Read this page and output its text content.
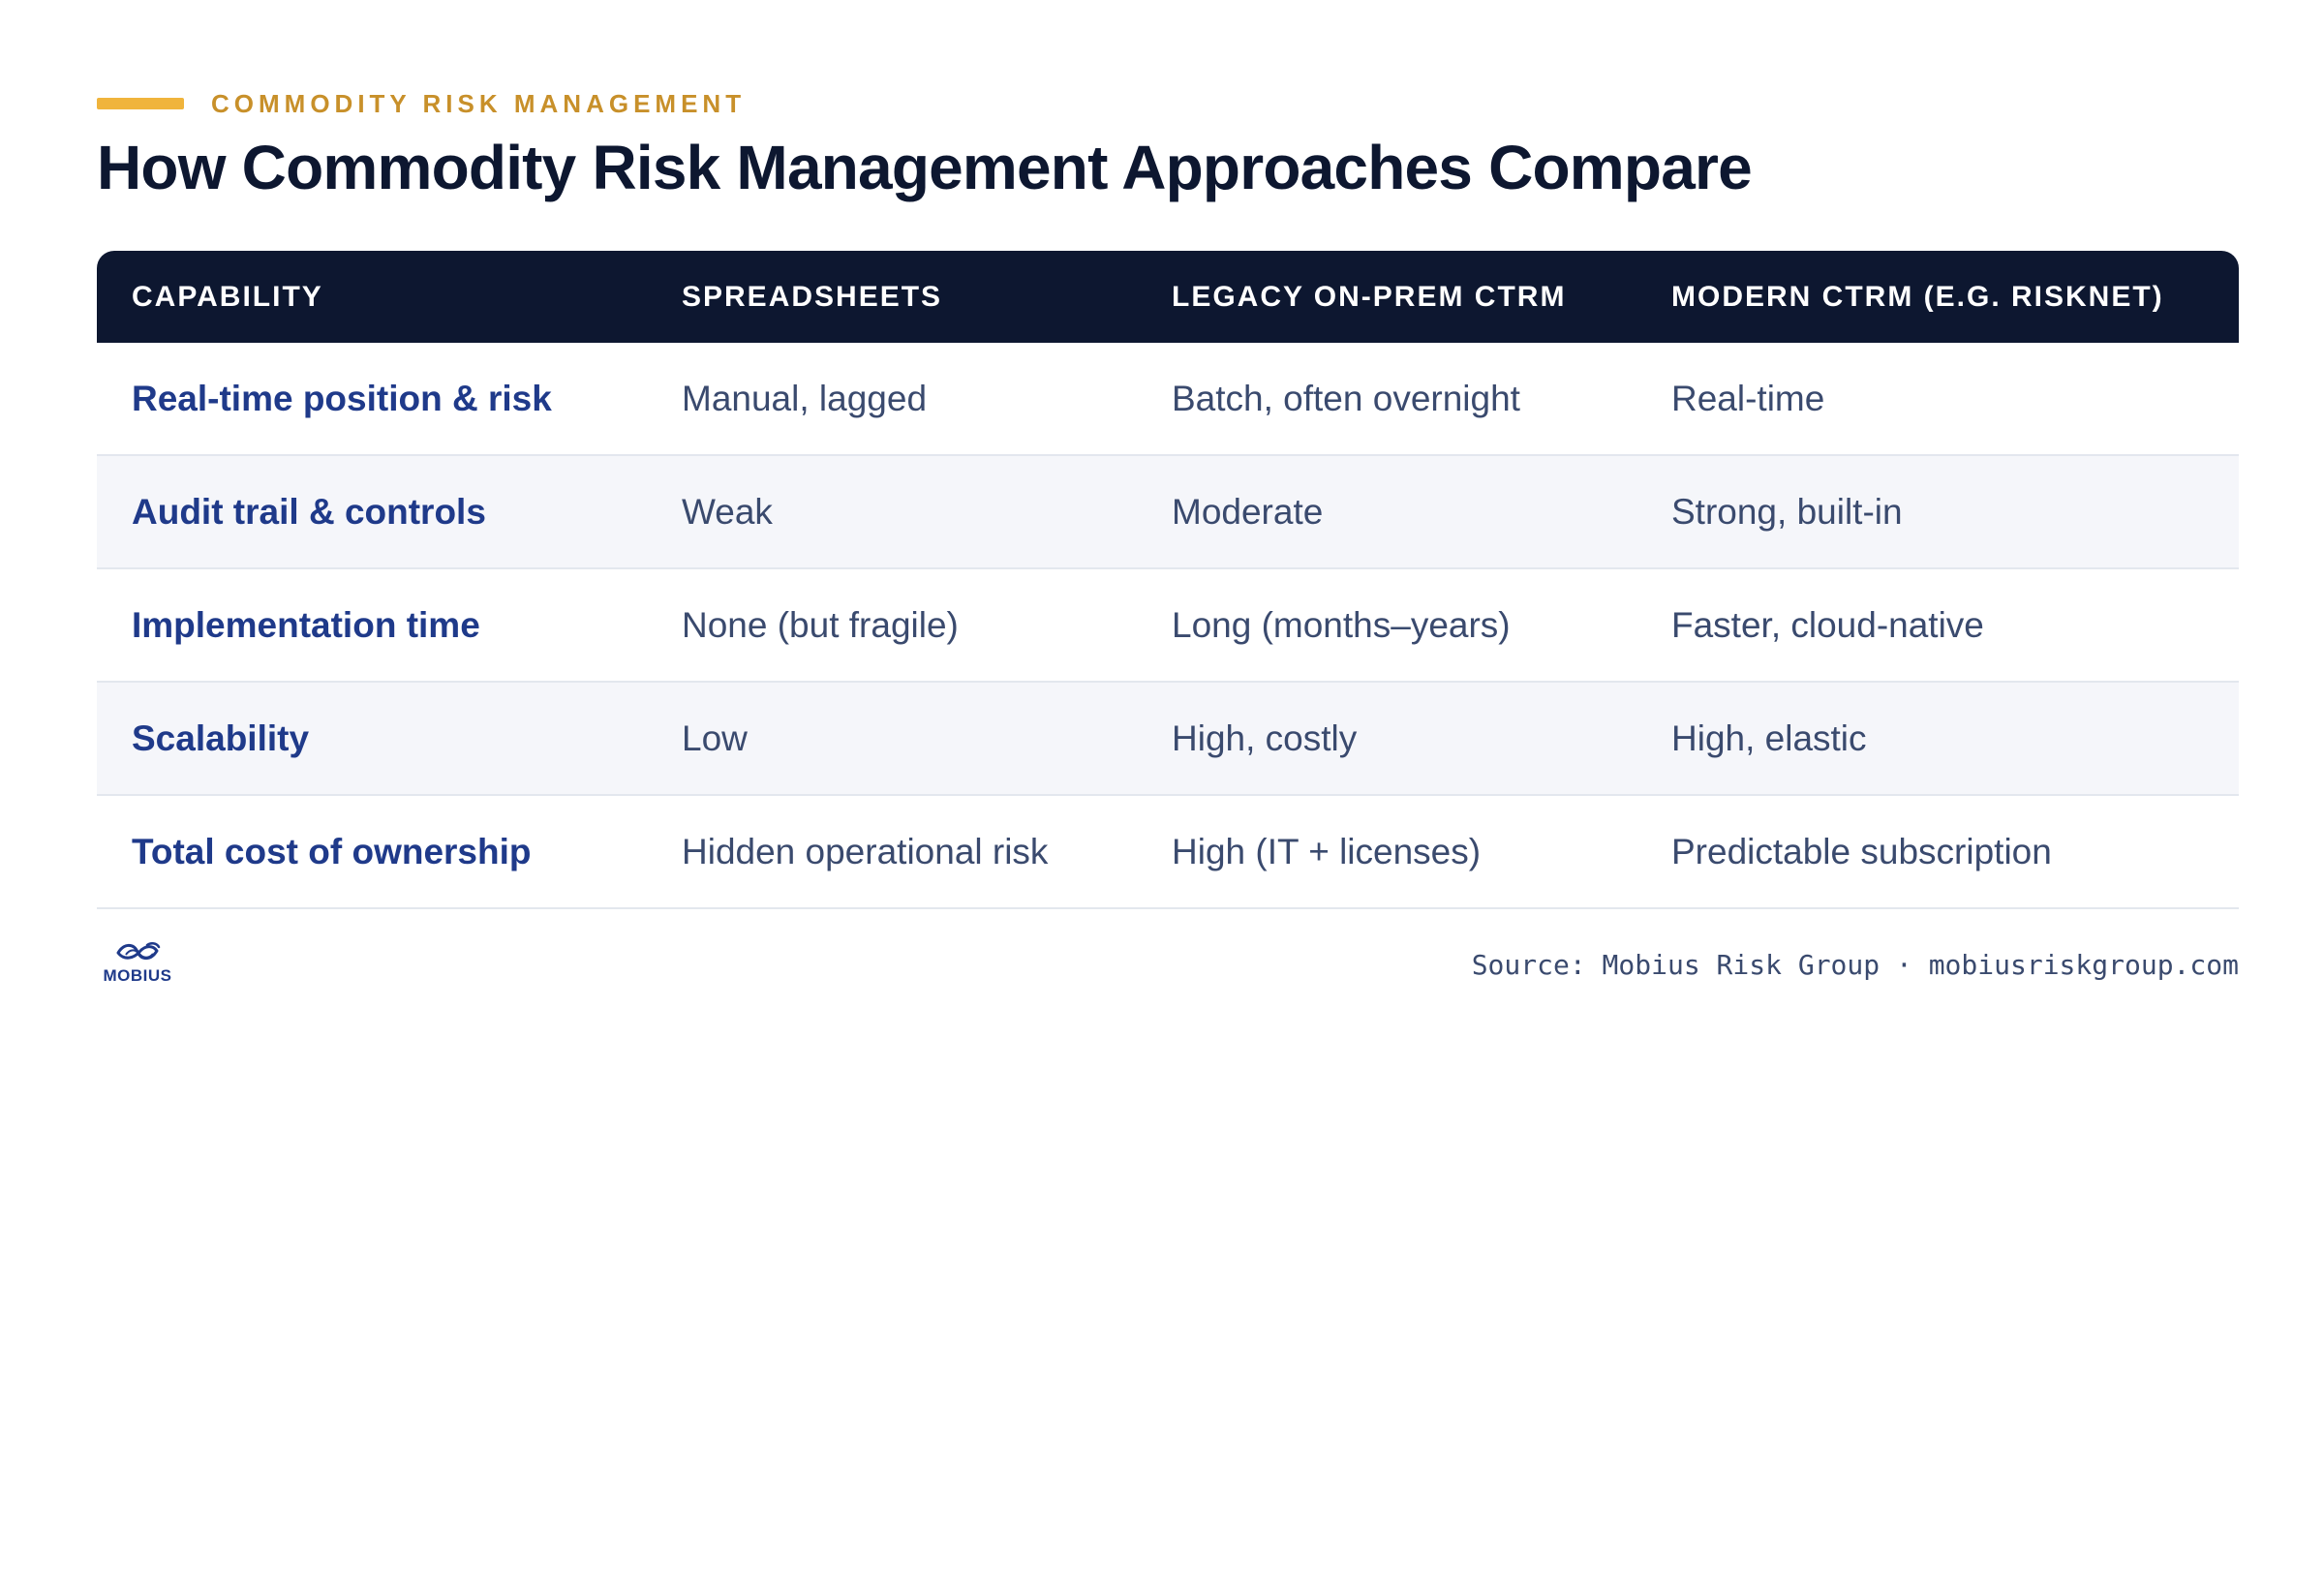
COMMODITY RISK MANAGEMENT
How Commodity Risk Management Approaches Compare
CAPABILITY	SPREADSHEETS	LEGACY ON-PREM CTRM	MODERN CTRM (E.G. RISKNET)
Real-time position & risk	Manual, lagged	Batch, often overnight	Real-time
Audit trail & controls	Weak	Moderate	Strong, built-in
Implementation time	None (but fragile)	Long (months–years)	Faster, cloud-native
Scalability	Low	High, costly	High, elastic
Total cost of ownership	Hidden operational risk	High (IT + licenses)	Predictable subscription
MOBIUS	Source: Mobius Risk Group · mobiusriskgroup.com
